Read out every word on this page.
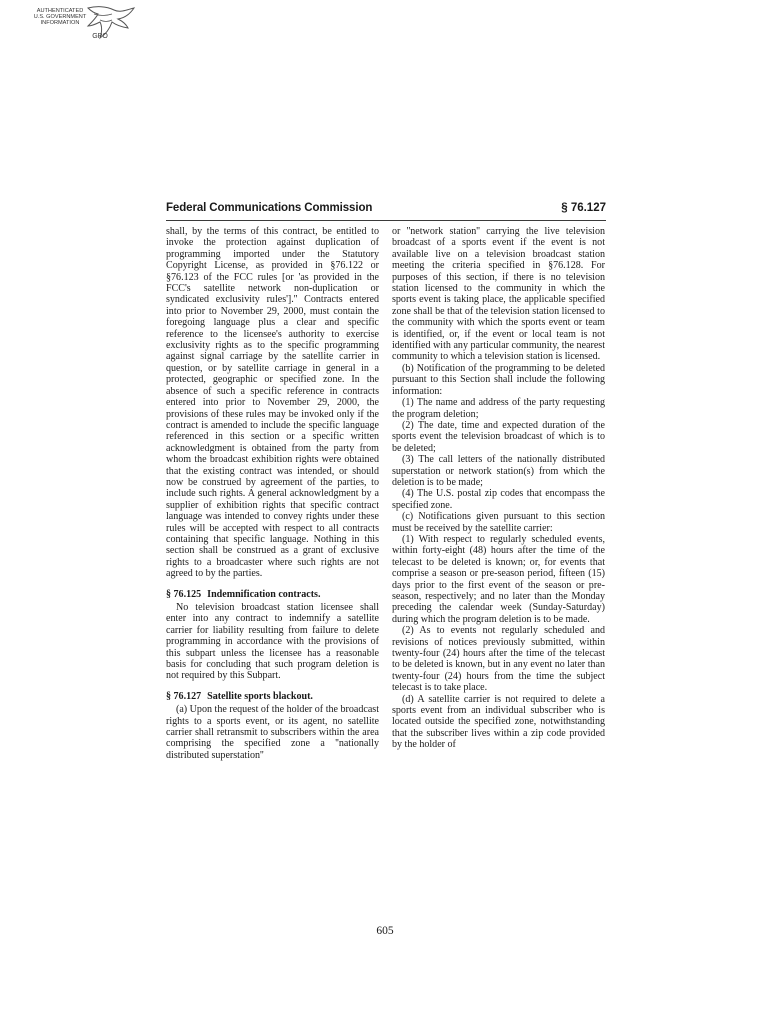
AUTHENTICATED
U.S. GOVERNMENT
INFORMATION
GPO
Federal Communications Commission	§ 76.127

shall, by the terms of this contract, be entitled to invoke the protection against duplication of programming imported under the Statutory Copyright License, as provided in §76.122 or §76.123 of the FCC rules [or 'as provided in the FCC's satellite network non-duplication or syndicated exclusivity rules'].'' Contracts entered into prior to November 29, 2000, must contain the foregoing language plus a clear and specific reference to the licensee's authority to exercise exclusivity rights as to the specific programming against signal carriage by the satellite carrier in question, or by satellite carriage in general in a protected, geographic or specified zone. In the absence of such a specific reference in contracts entered into prior to November 29, 2000, the provisions of these rules may be invoked only if the contract is amended to include the specific language referenced in this section or a specific written acknowledgment is obtained from the party from whom the broadcast exhibition rights were obtained that the existing contract was intended, or should now be construed by agreement of the parties, to include such rights. A general acknowledgment by a supplier of exhibition rights that specific contract language was intended to convey rights under these rules will be accepted with respect to all contracts containing that specific language. Nothing in this section shall be construed as a grant of exclusive rights to a broadcaster where such rights are not agreed to by the parties.

§ 76.125 Indemnification contracts.

No television broadcast station licensee shall enter into any contract to indemnify a satellite carrier for liability resulting from failure to delete programming in accordance with the provisions of this subpart unless the licensee has a reasonable basis for concluding that such program deletion is not required by this Subpart.

§ 76.127 Satellite sports blackout.

(a) Upon the request of the holder of the broadcast rights to a sports event, or its agent, no satellite carrier shall retransmit to subscribers within the area comprising the specified zone a ''nationally distributed superstation''

or ''network station'' carrying the live television broadcast of a sports event if the event is not available live on a television broadcast station meeting the criteria specified in §76.128. For purposes of this section, if there is no television station licensed to the community in which the sports event is taking place, the applicable specified zone shall be that of the television station licensed to the community with which the sports event or team is identified, or, if the event or local team is not identified with any particular community, the nearest community to which a television station is licensed.

(b) Notification of the programming to be deleted pursuant to this Section shall include the following information:

(1) The name and address of the party requesting the program deletion;

(2) The date, time and expected duration of the sports event the television broadcast of which is to be deleted;

(3) The call letters of the nationally distributed superstation or network station(s) from which the deletion is to be made;

(4) The U.S. postal zip codes that encompass the specified zone.

(c) Notifications given pursuant to this section must be received by the satellite carrier:

(1) With respect to regularly scheduled events, within forty-eight (48) hours after the time of the telecast to be deleted is known; or, for events that comprise a season or pre-season period, fifteen (15) days prior to the first event of the season or pre-season, respectively; and no later than the Monday preceding the calendar week (Sunday-Saturday) during which the program deletion is to be made.

(2) As to events not regularly scheduled and revisions of notices previously submitted, within twenty-four (24) hours after the time of the telecast to be deleted is known, but in any event no later than twenty-four (24) hours from the time the subject telecast is to take place.

(d) A satellite carrier is not required to delete a sports event from an individual subscriber who is located outside the specified zone, notwithstanding that the subscriber lives within a zip code provided by the holder of

605
